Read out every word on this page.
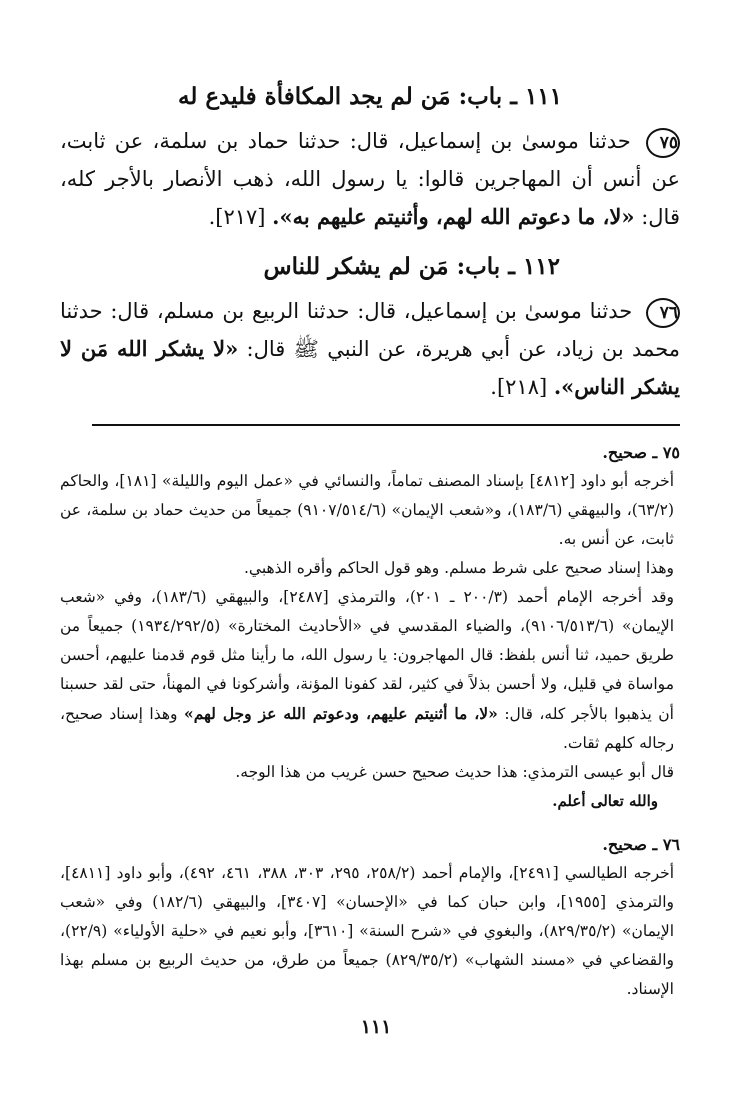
١١١ ـ باب: مَن لم يجد المكافأة فليدع له
٧٥ حدثنا موسىٰ بن إسماعيل، قال: حدثنا حماد بن سلمة، عن ثابت، عن أنس أن المهاجرين قالوا: يا رسول الله، ذهب الأنصار بالأجر كله، قال: «لا، ما دعوتم الله لهم، وأثنيتم عليهم به». [٢١٧].
١١٢ ـ باب: مَن لم يشكر للناس
٧٦ حدثنا موسىٰ بن إسماعيل، قال: حدثنا الربيع بن مسلم، قال: حدثنا محمد بن زياد، عن أبي هريرة، عن النبي ﷺ قال: «لا يشكر الله مَن لا يشكر الناس». [٢١٨].
٧٥ ـ صحيح.
أخرجه أبو داود [٤٨١٢] بإسناد المصنف تماماً، والنسائي في «عمل اليوم والليلة» [١٨١]، والحاكم (٦٣/٢)، والبيهقي (١٨٣/٦)، و«شعب الإيمان» (٩١٠٧/٥١٤/٦) جميعاً من حديث حماد بن سلمة، عن ثابت، عن أنس به.
وهذا إسناد صحيح على شرط مسلم. وهو قول الحاكم وأقره الذهبي.
وقد أخرجه الإمام أحمد (٢٠٠/٣ ـ ٢٠١)، والترمذي [٢٤٨٧]، والبيهقي (١٨٣/٦)، وفي «شعب الإيمان» (٩١٠٦/٥١٣/٦)، والضياء المقدسي في «الأحاديث المختارة» (١٩٣٤/٢٩٢/٥) جميعاً من طريق حميد، ثنا أنس بلفظ: قال المهاجرون: يا رسول الله، ما رأينا مثل قوم قدمنا عليهم، أحسن مواساة في قليل، ولا أحسن بذلاً في كثير، لقد كفونا المؤنة، وأشركونا في المهنأ، حتى لقد حسبنا أن يذهبوا بالأجر كله، قال: «لا، ما أثنيتم عليهم، ودعوتم الله عز وجل لهم» وهذا إسناد صحيح، رجاله كلهم ثقات.
قال أبو عيسى الترمذي: هذا حديث صحيح حسن غريب من هذا الوجه.
والله تعالى أعلم.
٧٦ ـ صحيح.
أخرجه الطيالسي [٢٤٩١]، والإمام أحمد (٢٥٨/٢، ٢٩٥، ٣٠٣، ٣٨٨، ٤٦١، ٤٩٢)، وأبو داود [٤٨١١]، والترمذي [١٩٥٥]، وابن حبان كما في «الإحسان» [٣٤٠٧]، والبيهقي (١٨٢/٦) وفي «شعب الإيمان» (٨٢٩/٣٥/٢)، والبغوي في «شرح السنة» [٣٦١٠]، وأبو نعيم في «حلية الأولياء» (٢٢/٩)، والقضاعي في «مسند الشهاب» (٨٢٩/٣٥/٢) جميعاً من طرق، من حديث الربيع بن مسلم بهذا الإسناد.
١١١
